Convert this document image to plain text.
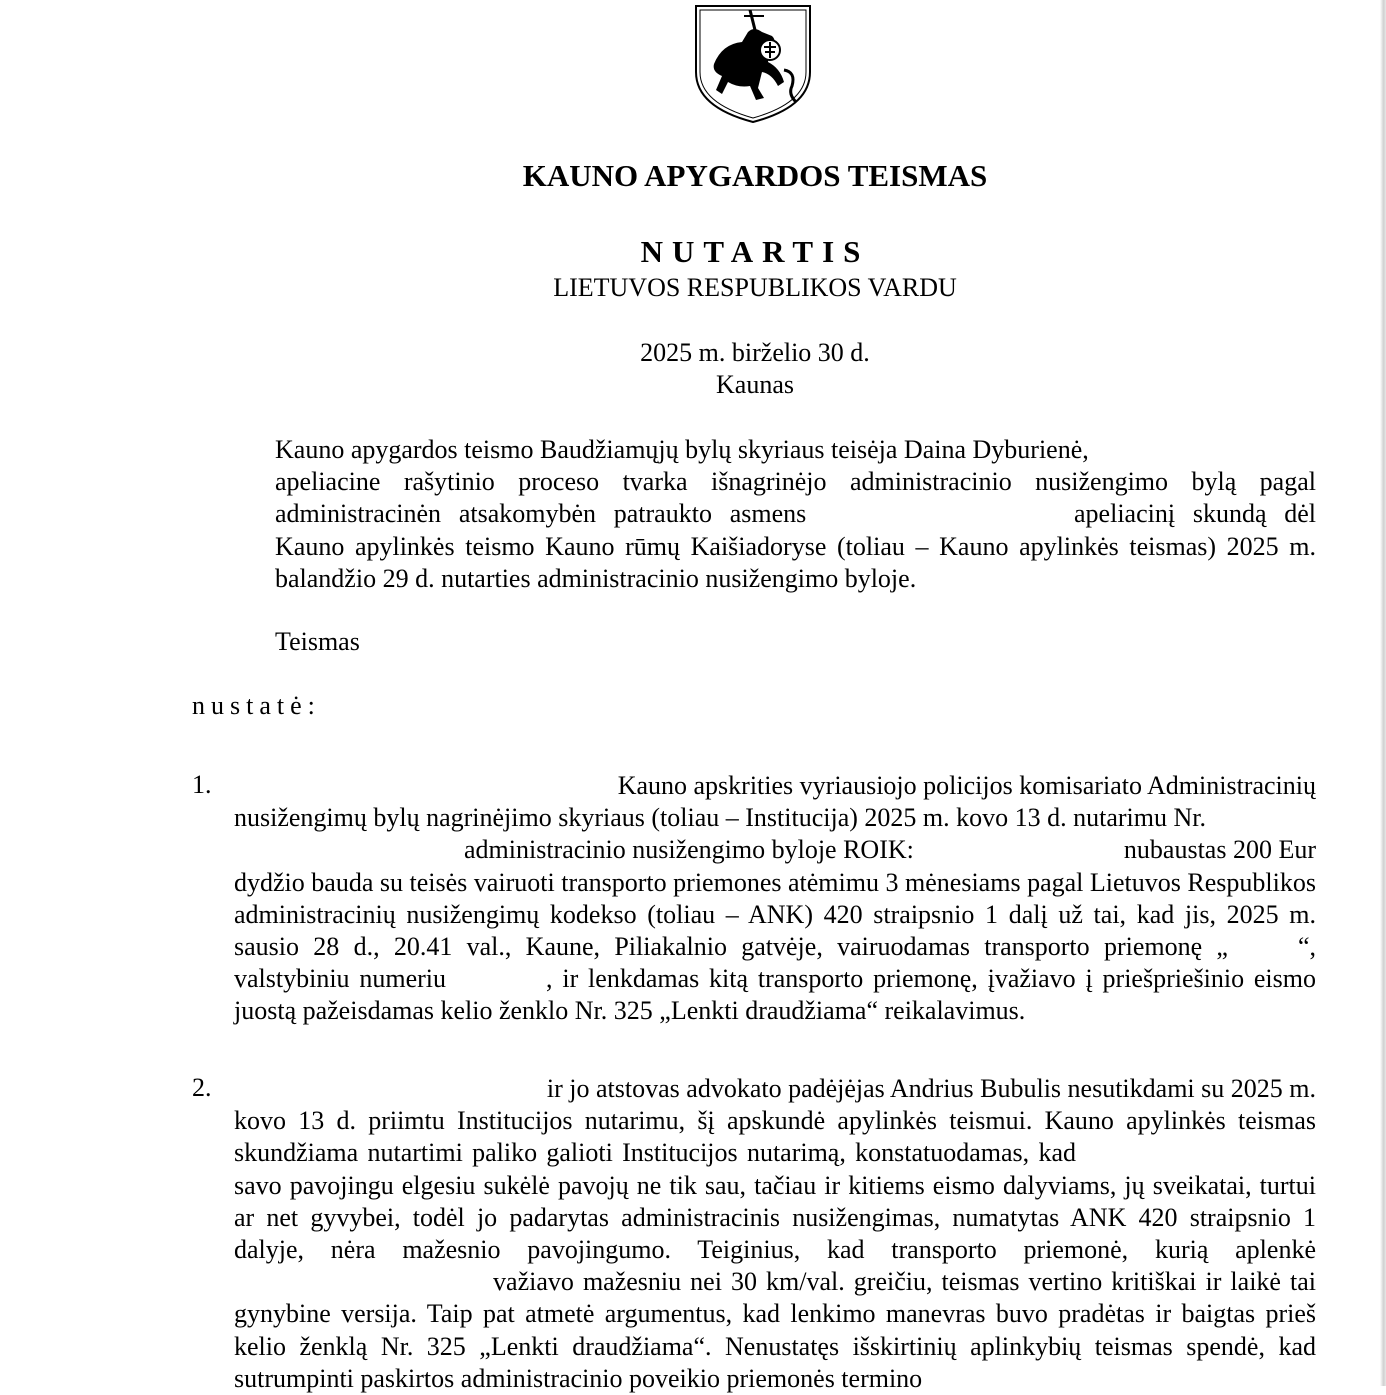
KAUNO APYGARDOS TEISMAS
NUTARTIS
LIETUVOS RESPUBLIKOS VARDU
2025 m. birželio 30 d.
Kaunas
Kauno apygardos teismo Baudžiamųjų bylų skyriaus teisėja Daina Dyburienė,
apeliacine rašytinio proceso tvarka išnagrinėjo administracinio nusižengimo bylą pagal administracinėn atsakomybėn patraukto asmens	apeliacinį skundą dėl Kauno apylinkės teismo Kauno rūmų Kaišiadoryse (toliau – Kauno apylinkės teismas) 2025 m. balandžio 29 d. nutarties administracinio nusižengimo byloje.
Teismas
nustatė:
1.	Kauno apskrities vyriausiojo policijos komisariato Administracinių
nusižengimų bylų nagrinėjimo skyriaus (toliau – Institucija) 2025 m. kovo 13 d. nutarimu Nr.
administracinio nusižengimo byloje ROIK:	nubaustas 200 Eur
dydžio bauda su teisės vairuoti transporto priemones atėmimu 3 mėnesiams pagal Lietuvos Respublikos administracinių nusižengimų kodekso (toliau – ANK) 420 straipsnio 1 dalį už tai, kad jis, 2025 m. sausio 28 d., 20.41 val., Kaune, Piliakalnio gatvėje, vairuodamas transporto priemonę „	“, valstybiniu numeriu	, ir lenkdamas kitą transporto priemonę, įvažiavo į priešpriešinio eismo juostą pažeisdamas kelio ženklo Nr. 325 „Lenkti draudžiama“ reikalavimus.
2.	ir jo atstovas advokato padėjėjas Andrius Bubulis nesutikdami su 2025 m.
kovo 13 d. priimtu Institucijos nutarimu, šį apskundė apylinkės teismui. Kauno apylinkės teismas skundžiama nutartimi paliko galioti Institucijos nutarimą, konstatuodamas, kad savo pavojingu elgesiu sukėlė pavojų ne tik sau, tačiau ir kitiems eismo dalyviams, jų sveikatai, turtui ar net gyvybei, todėl jo padarytas administracinis nusižengimas, numatytas ANK 420 straipsnio 1 dalyje, nėra mažesnio pavojingumo. Teiginius, kad transporto priemonė, kurią aplenkė važiavo mažesniu nei 30 km/val. greičiu, teismas vertino kritiškai ir laikė tai gynybine versija. Taip pat atmetė argumentus, kad lenkimo manevras buvo pradėtas ir baigtas prieš kelio ženklą Nr. 325 „Lenkti draudžiama“. Nenustatęs išskirtinių aplinkybių teismas spendė, kad sutrumpinti paskirtos administracinio poveikio priemonės termino
